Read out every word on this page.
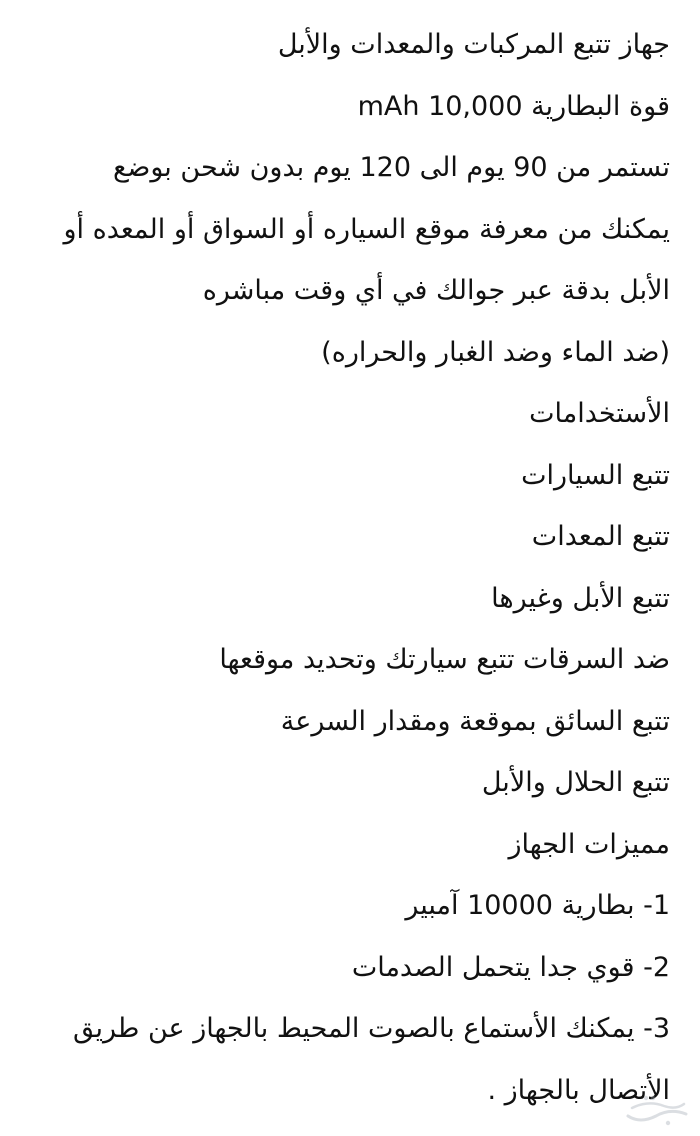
جهاز تتبع المركبات والمعدات والأبل
قوة البطارية 10,000 mAh
تستمر من 90 يوم الى 120 يوم بدون شحن بوضع
يمكنك من معرفة موقع السياره أو السواق أو المعده أو
الأبل بدقة عبر جوالك في أي وقت مباشره
(ضد الماء وضد الغبار والحراره)
الأستخدامات
تتبع السيارات
تتبع المعدات
تتبع الأبل وغيرها
ضد السرقات تتبع سيارتك وتحديد موقعها
تتبع السائق بموقعة ومقدار السرعة
تتبع الحلال والأبل
مميزات الجهاز
1- بطارية 10000 آمبير
2- قوي جدا يتحمل الصدمات
3- يمكنك الأستماع بالصوت المحيط بالجهاز عن طريق
الأتصال بالجهاز .
